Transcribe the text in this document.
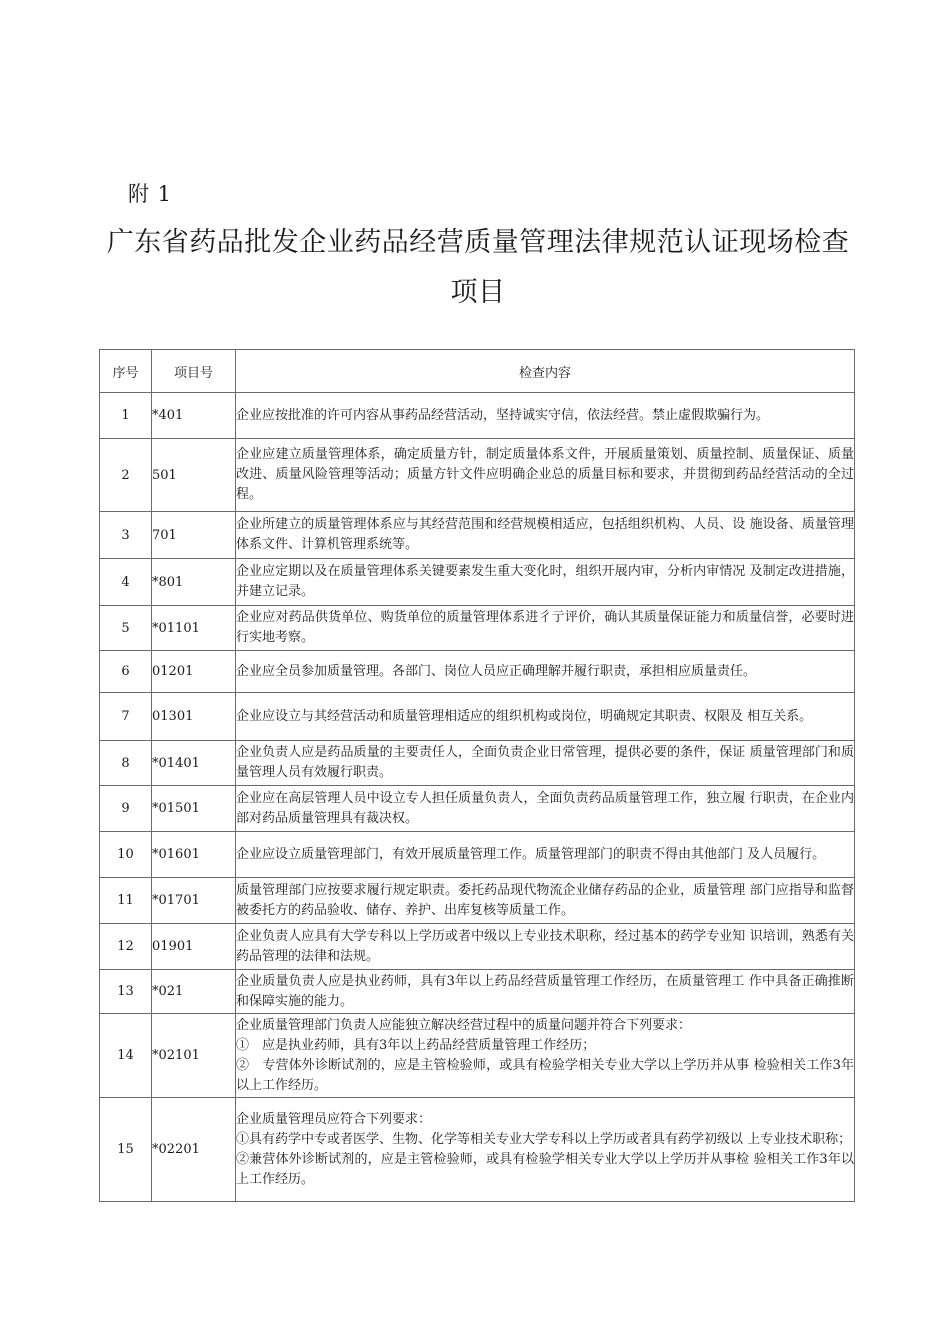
附 1
广东省药品批发企业药品经营质量管理法律规范认证现场检查项目
序号	项目号	检查内容
1	*401	企业应按批准的许可内容从事药品经营活动，坚持诚实守信，依法经营。禁止虚假欺骗行为。

2	501	企业应建立质量管理体系，确定质量方针，制定质量体系文件，开展质量策划、质量控制、质量保证、质量改进、质量风险管理等活动；质量方针文件应明确企业总的质量目标和要求，并贯彻到药品经营活动的全过程。

3	701	企业所建立的质量管理体系应与其经营范围和经营规模相适应，包括组织机构、人员、设 施设备、质量管理体系文件、计算机管理系统等。

4	*801	企业应定期以及在质量管理体系关键要素发生重大变化时，组织开展内审，分析内审情况 及制定改进措施，并建立记录。

5	*01101	企业应对药品供货单位、购货单位的质量管理体系进彳亍评价，确认其质量保证能力和质量信誉，必要时进行实地考察。

6	01201	企业应全员参加质量管理。各部门、岗位人员应正确理解并履行职责，承担相应质量责任。

7	01301	企业应设立与其经营活动和质量管理相适应的组织机构或岗位，明确规定其职责、权限及 相互关系。

8	*01401	企业负责人应是药品质量的主要责任人，全面负责企业日常管理，提供必要的条件，保证 质量管理部门和质量管理人员有效履行职责。

9	*01501	企业应在高层管理人员中设立专人担任质量负责人，全面负责药品质量管理工作，独立履 行职责，在企业内部对药品质量管理具有裁决权。

10	*01601	企业应设立质量管理部门，有效开展质量管理工作。质量管理部门的职责不得由其他部门 及人员履行。

11	*01701	质量管理部门应按要求履行规定职责。委托药品现代物流企业储存药品的企业，质量管理 部门应指导和监督被委托方的药品验收、储存、养护、出库复核等质量工作。

12	01901	企业负责人应具有大学专科以上学历或者中级以上专业技术职称，经过基本的药学专业知 识培训，熟悉有关药品管理的法律和法规。

13	*021	企业质量负责人应是执业药师，具有3年以上药品经营质量管理工作经历，在质量管理工 作中具备正确推断和保障实施的能力。

14	*02101	企业质量管理部门负责人应能独立解决经营过程中的质量问题并符合下列要求：
①　应是执业药师，具有3年以上药品经营质量管理工作经历；
②　专营体外诊断试剂的，应是主管检验师，或具有检验学相关专业大学以上学历并从事 检验相关工作3年以上工作经历。

15	*02201	企业质量管理员应符合下列要求：
①具有药学中专或者医学、生物、化学等相关专业大学专科以上学历或者具有药学初级以 上专业技术职称；
②兼营体外诊断试剂的，应是主管检验师，或具有检验学相关专业大学以上学历并从事检 验相关工作3年以上工作经历。
